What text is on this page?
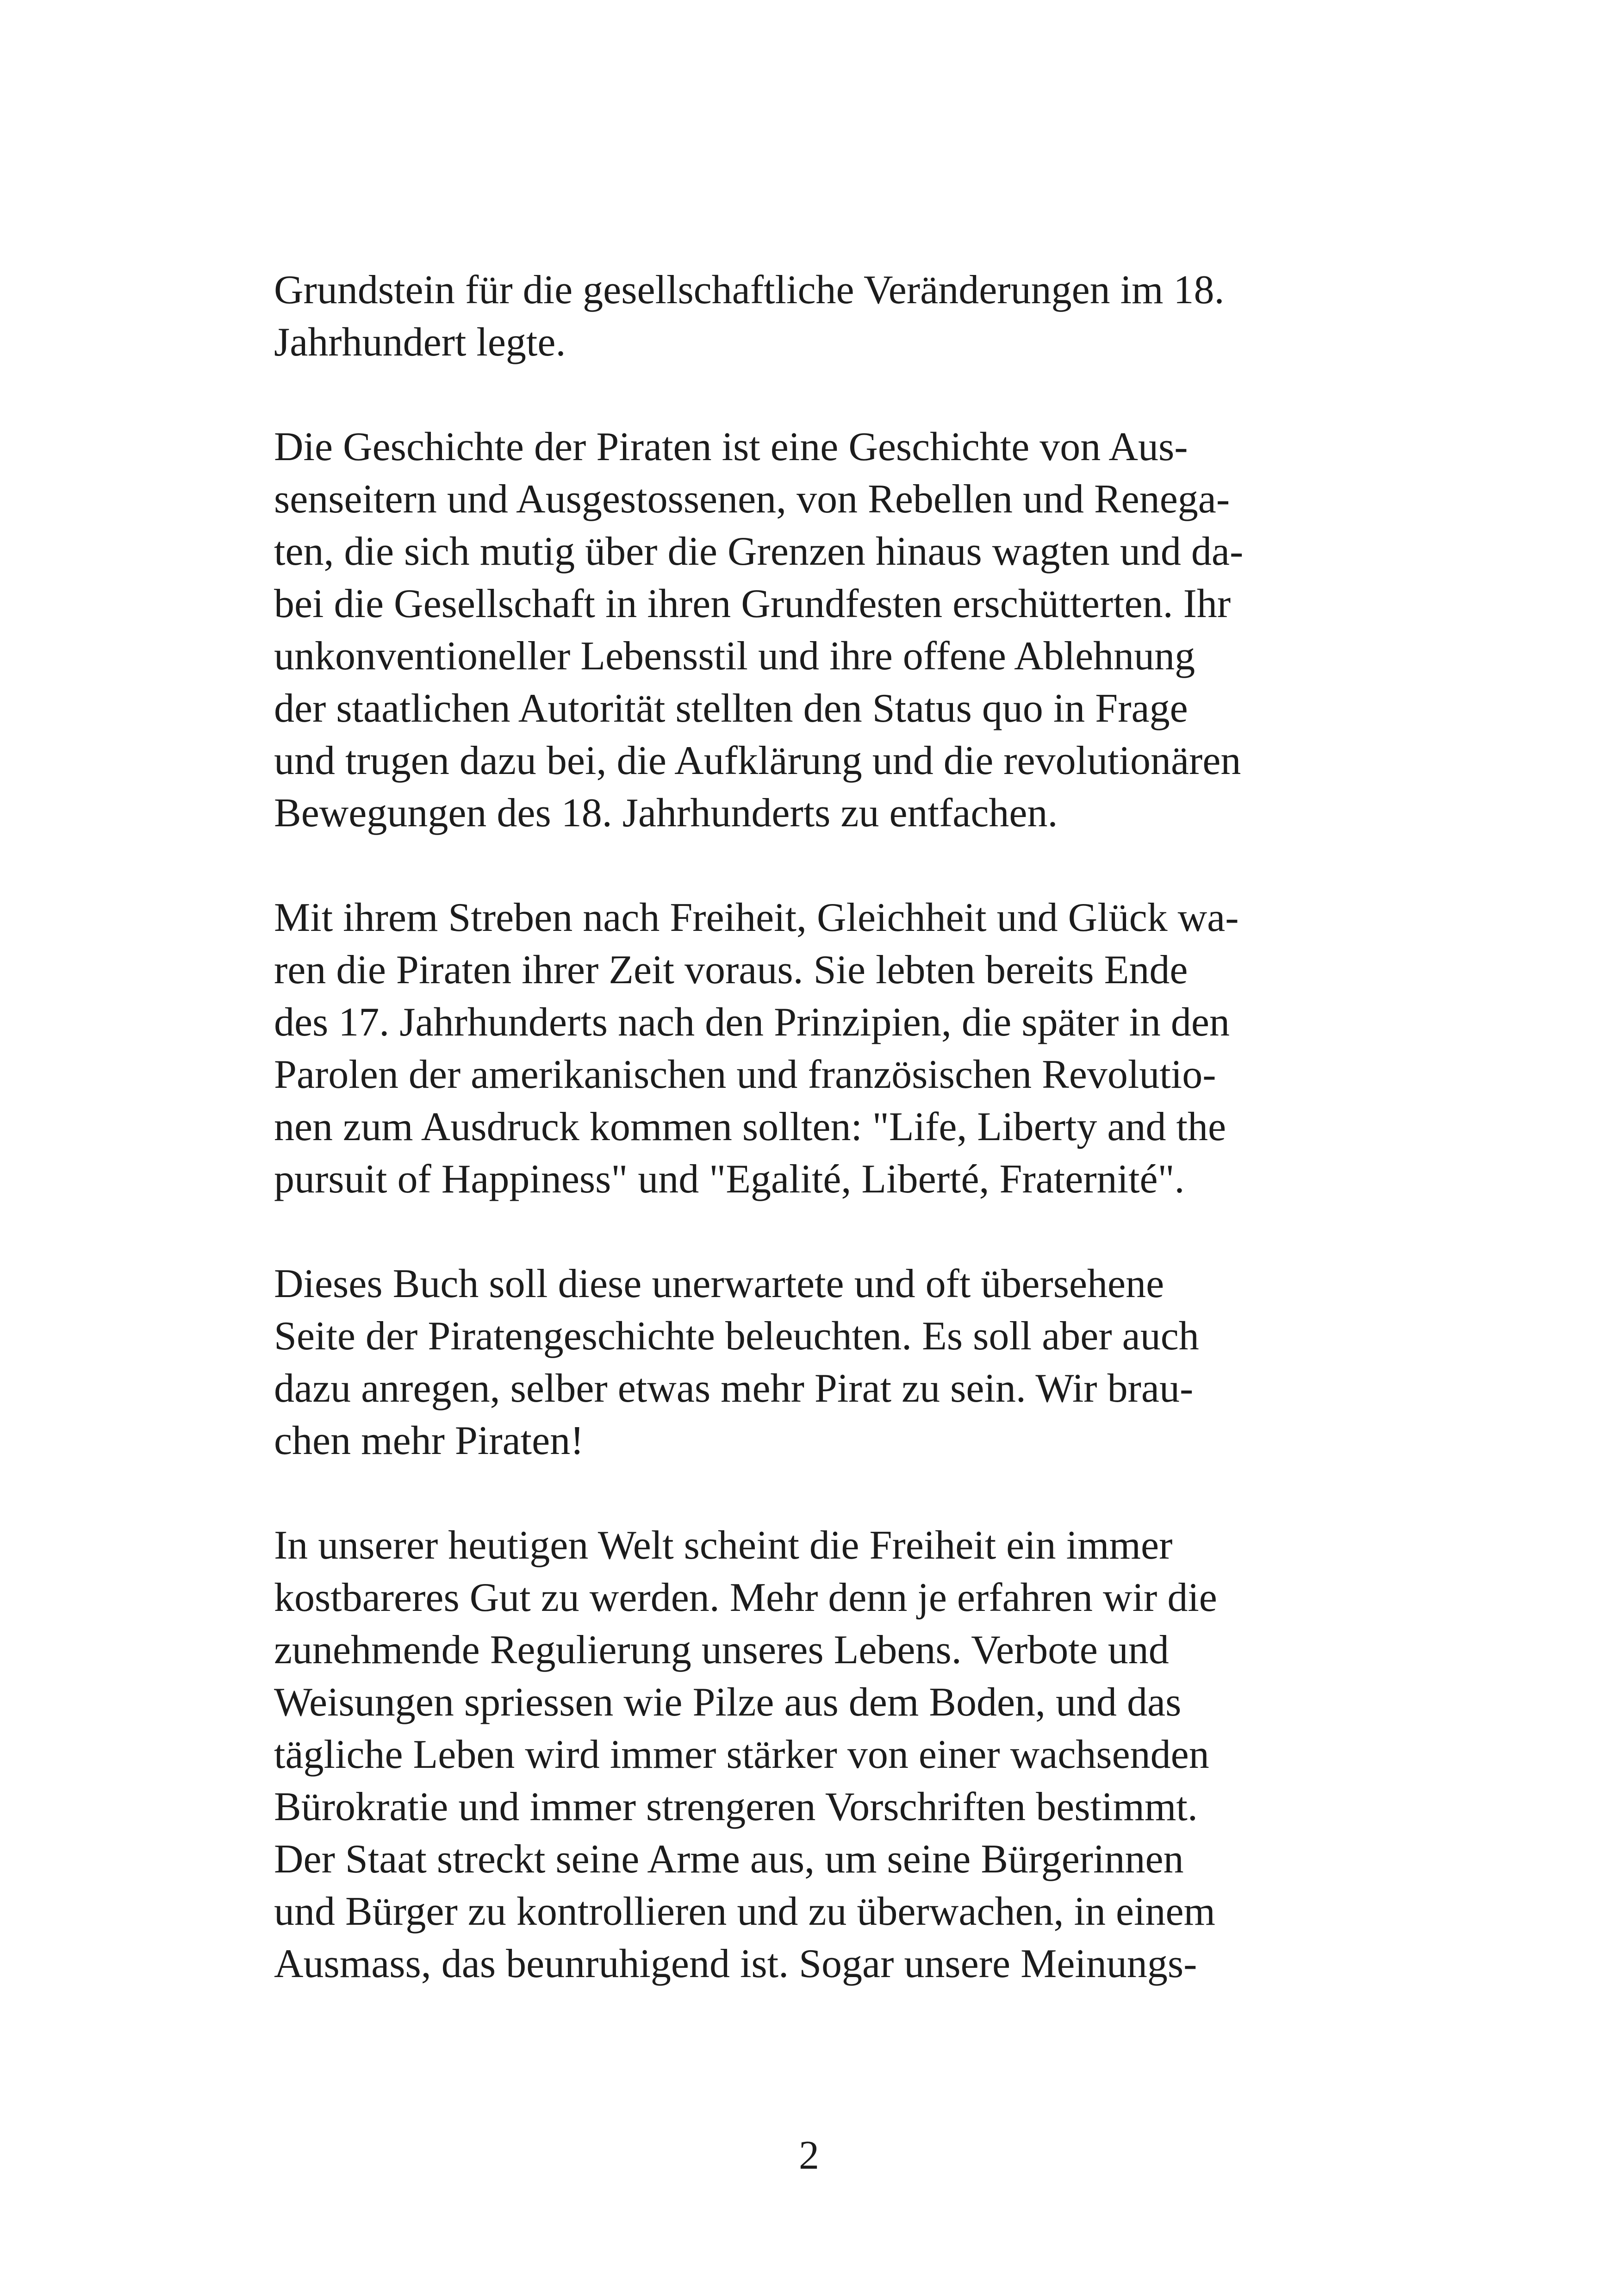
Grundstein für die gesellschaftliche Veränderungen im 18.
Jahrhundert legte.

Die Geschichte der Piraten ist eine Geschichte von Aus-
senseitern und Ausgestossenen, von Rebellen und Renega-
ten, die sich mutig über die Grenzen hinaus wagten und da-
bei die Gesellschaft in ihren Grundfesten erschütterten. Ihr
unkonventioneller Lebensstil und ihre offene Ablehnung
der staatlichen Autorität stellten den Status quo in Frage
und trugen dazu bei, die Aufklärung und die revolutionären
Bewegungen des 18. Jahrhunderts zu entfachen.

Mit ihrem Streben nach Freiheit, Gleichheit und Glück wa-
ren die Piraten ihrer Zeit voraus. Sie lebten bereits Ende
des 17. Jahrhunderts nach den Prinzipien, die später in den
Parolen der amerikanischen und französischen Revolutio-
nen zum Ausdruck kommen sollten: "Life, Liberty and the
pursuit of Happiness" und "Egalité, Liberté, Fraternité".

Dieses Buch soll diese unerwartete und oft übersehene
Seite der Piratengeschichte beleuchten. Es soll aber auch
dazu anregen, selber etwas mehr Pirat zu sein. Wir brau-
chen mehr Piraten!

In unserer heutigen Welt scheint die Freiheit ein immer
kostbareres Gut zu werden. Mehr denn je erfahren wir die
zunehmende Regulierung unseres Lebens. Verbote und
Weisungen spriessen wie Pilze aus dem Boden, und das
tägliche Leben wird immer stärker von einer wachsenden
Bürokratie und immer strengeren Vorschriften bestimmt.
Der Staat streckt seine Arme aus, um seine Bürgerinnen
und Bürger zu kontrollieren und zu überwachen, in einem
Ausmass, das beunruhigend ist. Sogar unsere Meinungs-

2
